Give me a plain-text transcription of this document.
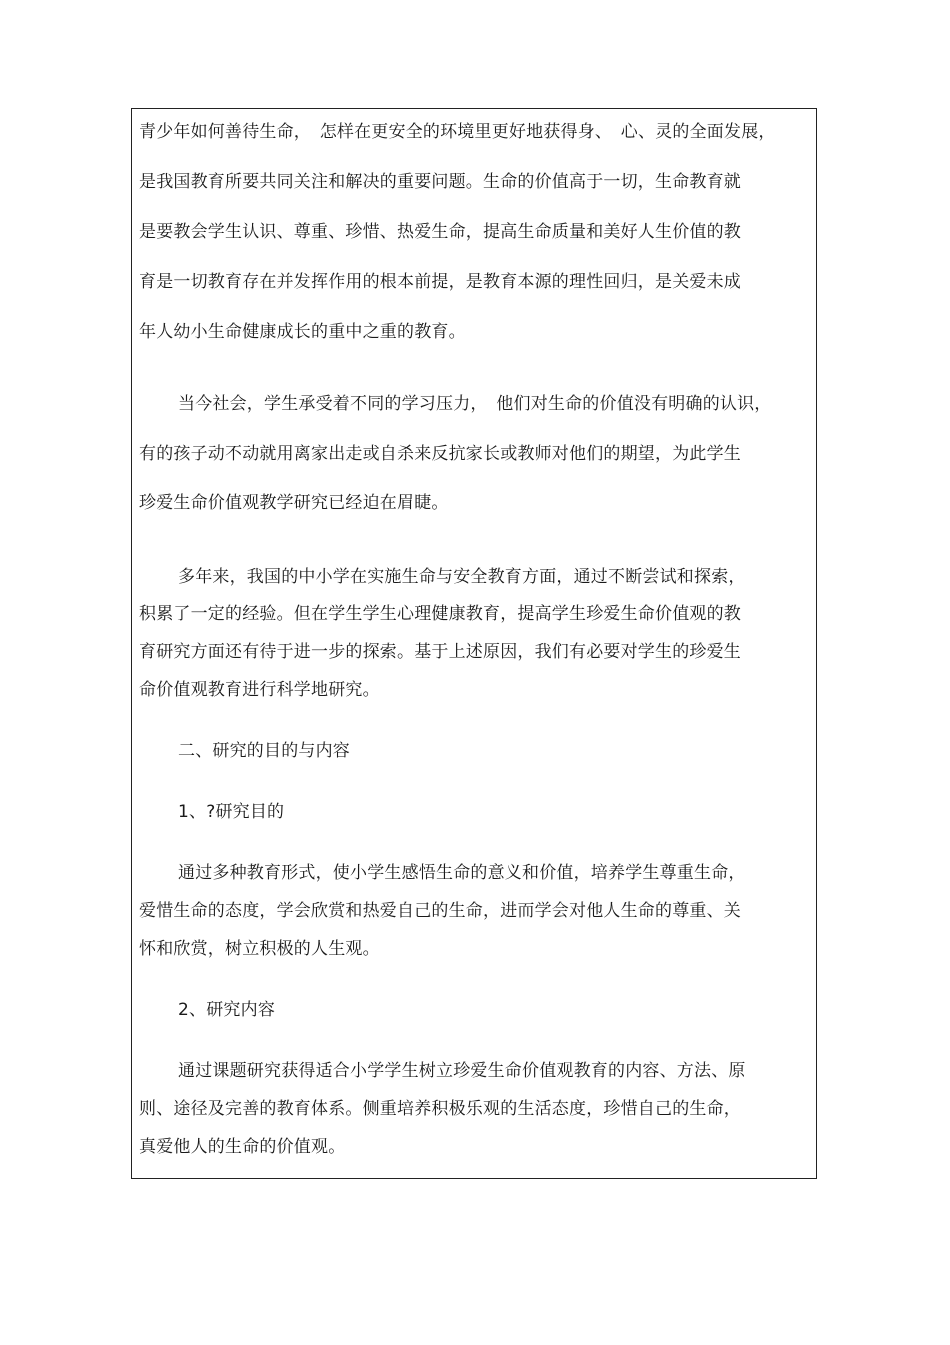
青少年如何善待生命，　怎样在更安全的环境里更好地获得身、　心、灵的全面发展，
是我国教育所要共同关注和解决的重要问题。生命的价值高于一切，生命教育就
是要教会学生认识、尊重、珍惜、热爱生命，提高生命质量和美好人生价值的教
育是一切教育存在并发挥作用的根本前提，是教育本源的理性回归，是关爱未成
年人幼小生命健康成长的重中之重的教育。
当今社会，学生承受着不同的学习压力，　他们对生命的价值没有明确的认识，
有的孩子动不动就用离家出走或自杀来反抗家长或教师对他们的期望，为此学生
珍爱生命价值观教学研究已经迫在眉睫。
多年来，我国的中小学在实施生命与安全教育方面，通过不断尝试和探索，
积累了一定的经验。但在学生学生心理健康教育，提高学生珍爱生命价值观的教
育研究方面还有待于进一步的探索。基于上述原因，我们有必要对学生的珍爱生
命价值观教育进行科学地研究。
二、研究的目的与内容
1、?研究目的
通过多种教育形式，使小学生感悟生命的意义和价值，培养学生尊重生命，
爱惜生命的态度，学会欣赏和热爱自己的生命，进而学会对他人生命的尊重、关
怀和欣赏，树立积极的人生观。
2、研究内容
通过课题研究获得适合小学学生树立珍爱生命价值观教育的内容、方法、原
则、途径及完善的教育体系。侧重培养积极乐观的生活态度，珍惜自己的生命，
真爱他人的生命的价值观。
